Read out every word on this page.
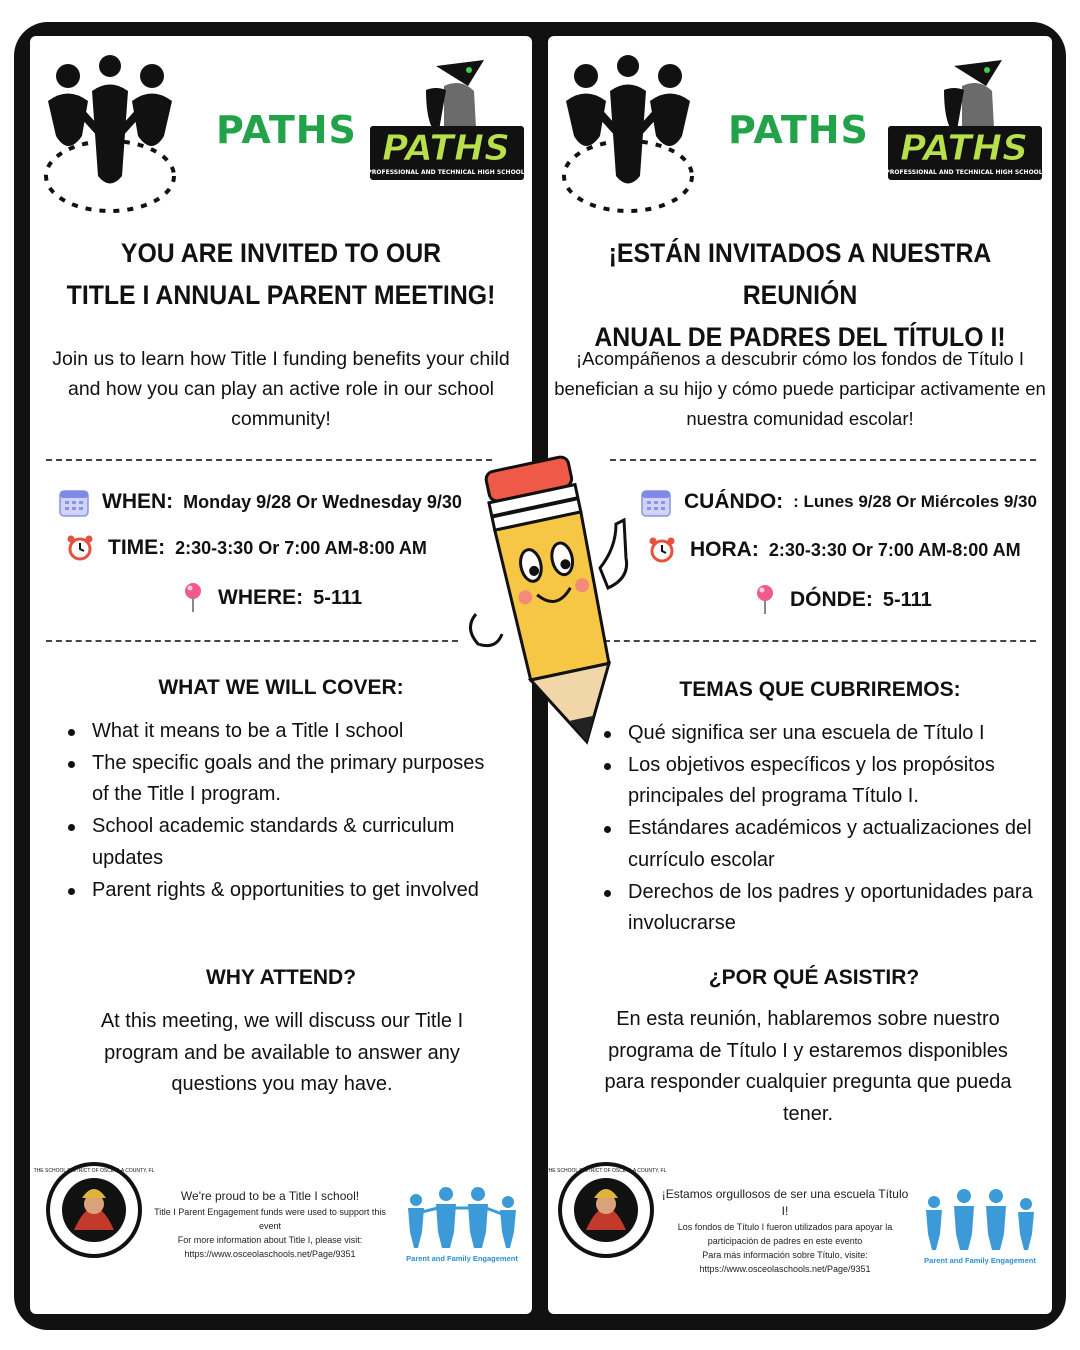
PATHS PATHS
PROFESSIONAL AND TECHNICAL HIGH SCHOOL
YOU ARE INVITED TO OUR
TITLE I ANNUAL PARENT MEETING!
Join us to learn how Title I funding benefits your child and how you can play an active role in our school community!
WHEN: Monday 9/28 Or Wednesday 9/30
TIME: 2:30-3:30 Or 7:00 AM-8:00 AM
WHERE: 5-111
WHAT WE WILL COVER:
What it means to be a Title I school
The specific goals and the primary purposes of the Title I program.
School academic standards & curriculum updates
Parent rights & opportunities to get involved
WHY ATTEND?
At this meeting, we will discuss our Title I program and be available to answer any questions you may have.
1887
THE SCHOOL DISTRICT OF OSCEOLA COUNTY, FL
We're proud to be a Title I school!
Title I Parent Engagement funds were used to support this event
For more information about Title I, please visit:
https://www.osceolaschools.net/Page/9351	Parent and Family Engagement
PATHS PATHS
PROFESSIONAL AND TECHNICAL HIGH SCHOOL
¡ESTÁN INVITADOS A NUESTRA REUNIÓN
ANUAL DE PADRES DEL TÍTULO I!
¡Acompáñenos a descubrir cómo los fondos de Título I benefician a su hijo y cómo puede participar activamente en nuestra comunidad escolar!
CUÁNDO: : Lunes 9/28 Or Miércoles 9/30
HORA: 2:30-3:30 Or 7:00 AM-8:00 AM
DÓNDE: 5-111
TEMAS QUE CUBRIREMOS:
Qué significa ser una escuela de Título I
Los objetivos específicos y los propósitos principales del programa Título I.
Estándares académicos y actualizaciones del currículo escolar
Derechos de los padres y oportunidades para involucrarse
¿POR QUÉ ASISTIR?
En esta reunión, hablaremos sobre nuestro programa de Título I y estaremos disponibles para responder cualquier pregunta que pueda tener.
1887
THE SCHOOL DISTRICT OF OSCEOLA COUNTY, FL
¡Estamos orgullosos de ser una escuela Título I!
Los fondos de Título I fueron utilizados para apoyar la participación de padres en este evento
Para más información sobre Título, visite:
https://www.osceolaschools.net/Page/9351
Parent and Family Engagement
